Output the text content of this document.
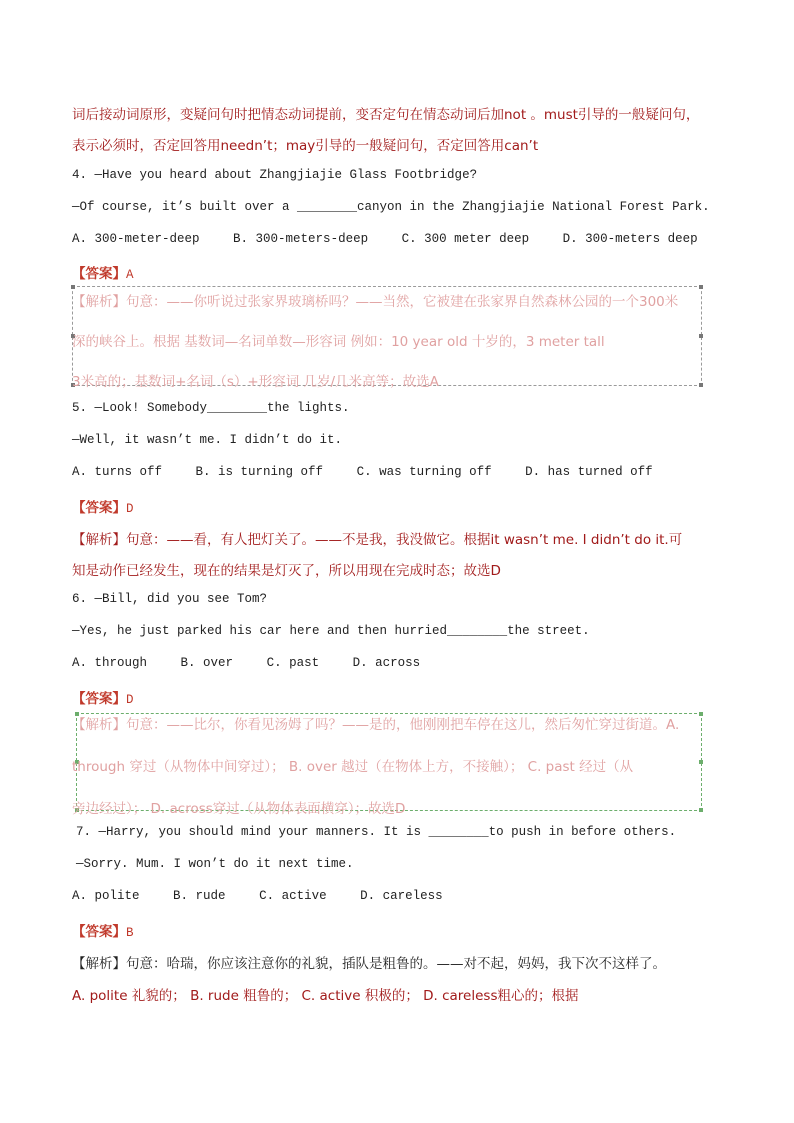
词后接动词原形，变疑问句时把情态动词提前，变否定句在情态动词后加not 。must引导的一般疑问句，
表示必须时，否定回答用needn’t；may引导的一般疑问句，否定回答用can’t
4. —Have you heard about Zhangjiajie Glass Footbridge?
—Of course, it’s built over a ________canyon in the Zhangjiajie National Forest Park.
A. 300-meter-deep	B. 300-meters-deep	C. 300 meter deep	D. 300-meters deep
【答案】A
【解析】句意：——你听说过张家界玻璃桥吗？——当然，它被建在张家界自然森林公园的一个300米
深的峡谷上。根据 基数词—名词单数—形容词 例如：10 year old 十岁的，3 meter tall
3米高的；基数词+名词（s）+形容词 几岁/几米高等；故选A
5. —Look! Somebody________the lights.
—Well, it wasn’t me. I didn’t do it.
A. turns off	B. is turning off	C. was turning off	D. has turned off
【答案】D
【解析】句意：——看，有人把灯关了。——不是我，我没做它。根据it wasn’t me. I didn’t do it.可
知是动作已经发生，现在的结果是灯灭了，所以用现在完成时态；故选D
6. —Bill, did you see Tom?
—Yes, he just parked his car here and then hurried________the street.
A. through	B. over	C. past	D. across
【答案】D
【解析】句意：——比尔，你看见汤姆了吗？——是的，他刚刚把车停在这儿，然后匆忙穿过街道。A.
through 穿过（从物体中间穿过）； B. over 越过（在物体上方，不接触）； C. past 经过（从
旁边经过）； D. across穿过（从物体表面横穿）；故选D
7. —Harry, you should mind your manners. It is ________to push in before others.
—Sorry. Mum. I won’t do it next time.
A. polite	B. rude	C. active	D. careless
【答案】B
【解析】句意：哈瑞，你应该注意你的礼貌，插队是粗鲁的。——对不起，妈妈，我下次不这样了。
A. polite 礼貌的； B. rude 粗鲁的； C. active 积极的； D. careless粗心的；根据
